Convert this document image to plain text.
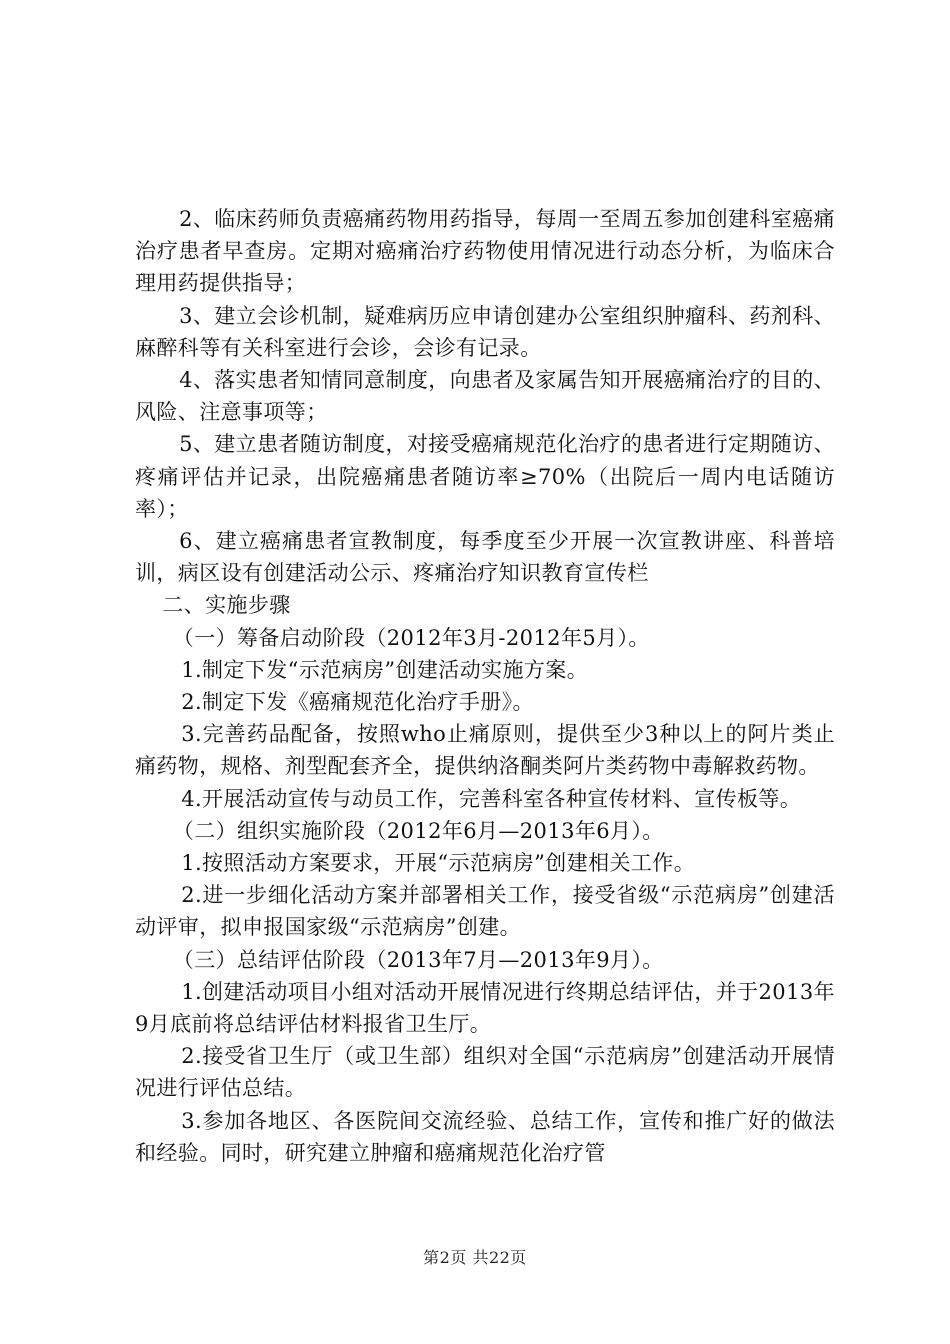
2、临床药师负责癌痛药物用药指导，每周一至周五参加创建科室癌痛治疗患者早查房。定期对癌痛治疗药物使用情况进行动态分析，为临床合理用药提供指导；

3、建立会诊机制，疑难病历应申请创建办公室组织肿瘤科、药剂科、麻醉科等有关科室进行会诊，会诊有记录。

4、落实患者知情同意制度，向患者及家属告知开展癌痛治疗的目的、风险、注意事项等；

5、建立患者随访制度，对接受癌痛规范化治疗的患者进行定期随访、疼痛评估并记录，出院癌痛患者随访率≥70%（出院后一周内电话随访率）；

6、建立癌痛患者宣教制度，每季度至少开展一次宣教讲座、科普培训，病区设有创建活动公示、疼痛治疗知识教育宣传栏

二、实施步骤

（一）筹备启动阶段（2012年3月-2012年5月）。

1.制定下发“示范病房”创建活动实施方案。

2.制定下发《癌痛规范化治疗手册》。

3.完善药品配备，按照who止痛原则，提供至少3种以上的阿片类止痛药物，规格、剂型配套齐全，提供纳洛酮类阿片类药物中毒解救药物。

4.开展活动宣传与动员工作，完善科室各种宣传材料、宣传板等。

（二）组织实施阶段（2012年6月—2013年6月）。

1.按照活动方案要求，开展“示范病房”创建相关工作。

2.进一步细化活动方案并部署相关工作，接受省级“示范病房”创建活动评审，拟申报国家级“示范病房”创建。

（三）总结评估阶段（2013年7月—2013年9月）。

1.创建活动项目小组对活动开展情况进行终期总结评估，并于2013年9月底前将总结评估材料报省卫生厅。

2.接受省卫生厅（或卫生部）组织对全国“示范病房”创建活动开展情况进行评估总结。

3.参加各地区、各医院间交流经验、总结工作，宣传和推广好的做法和经验。同时，研究建立肿瘤和癌痛规范化治疗管

第2页 共22页
